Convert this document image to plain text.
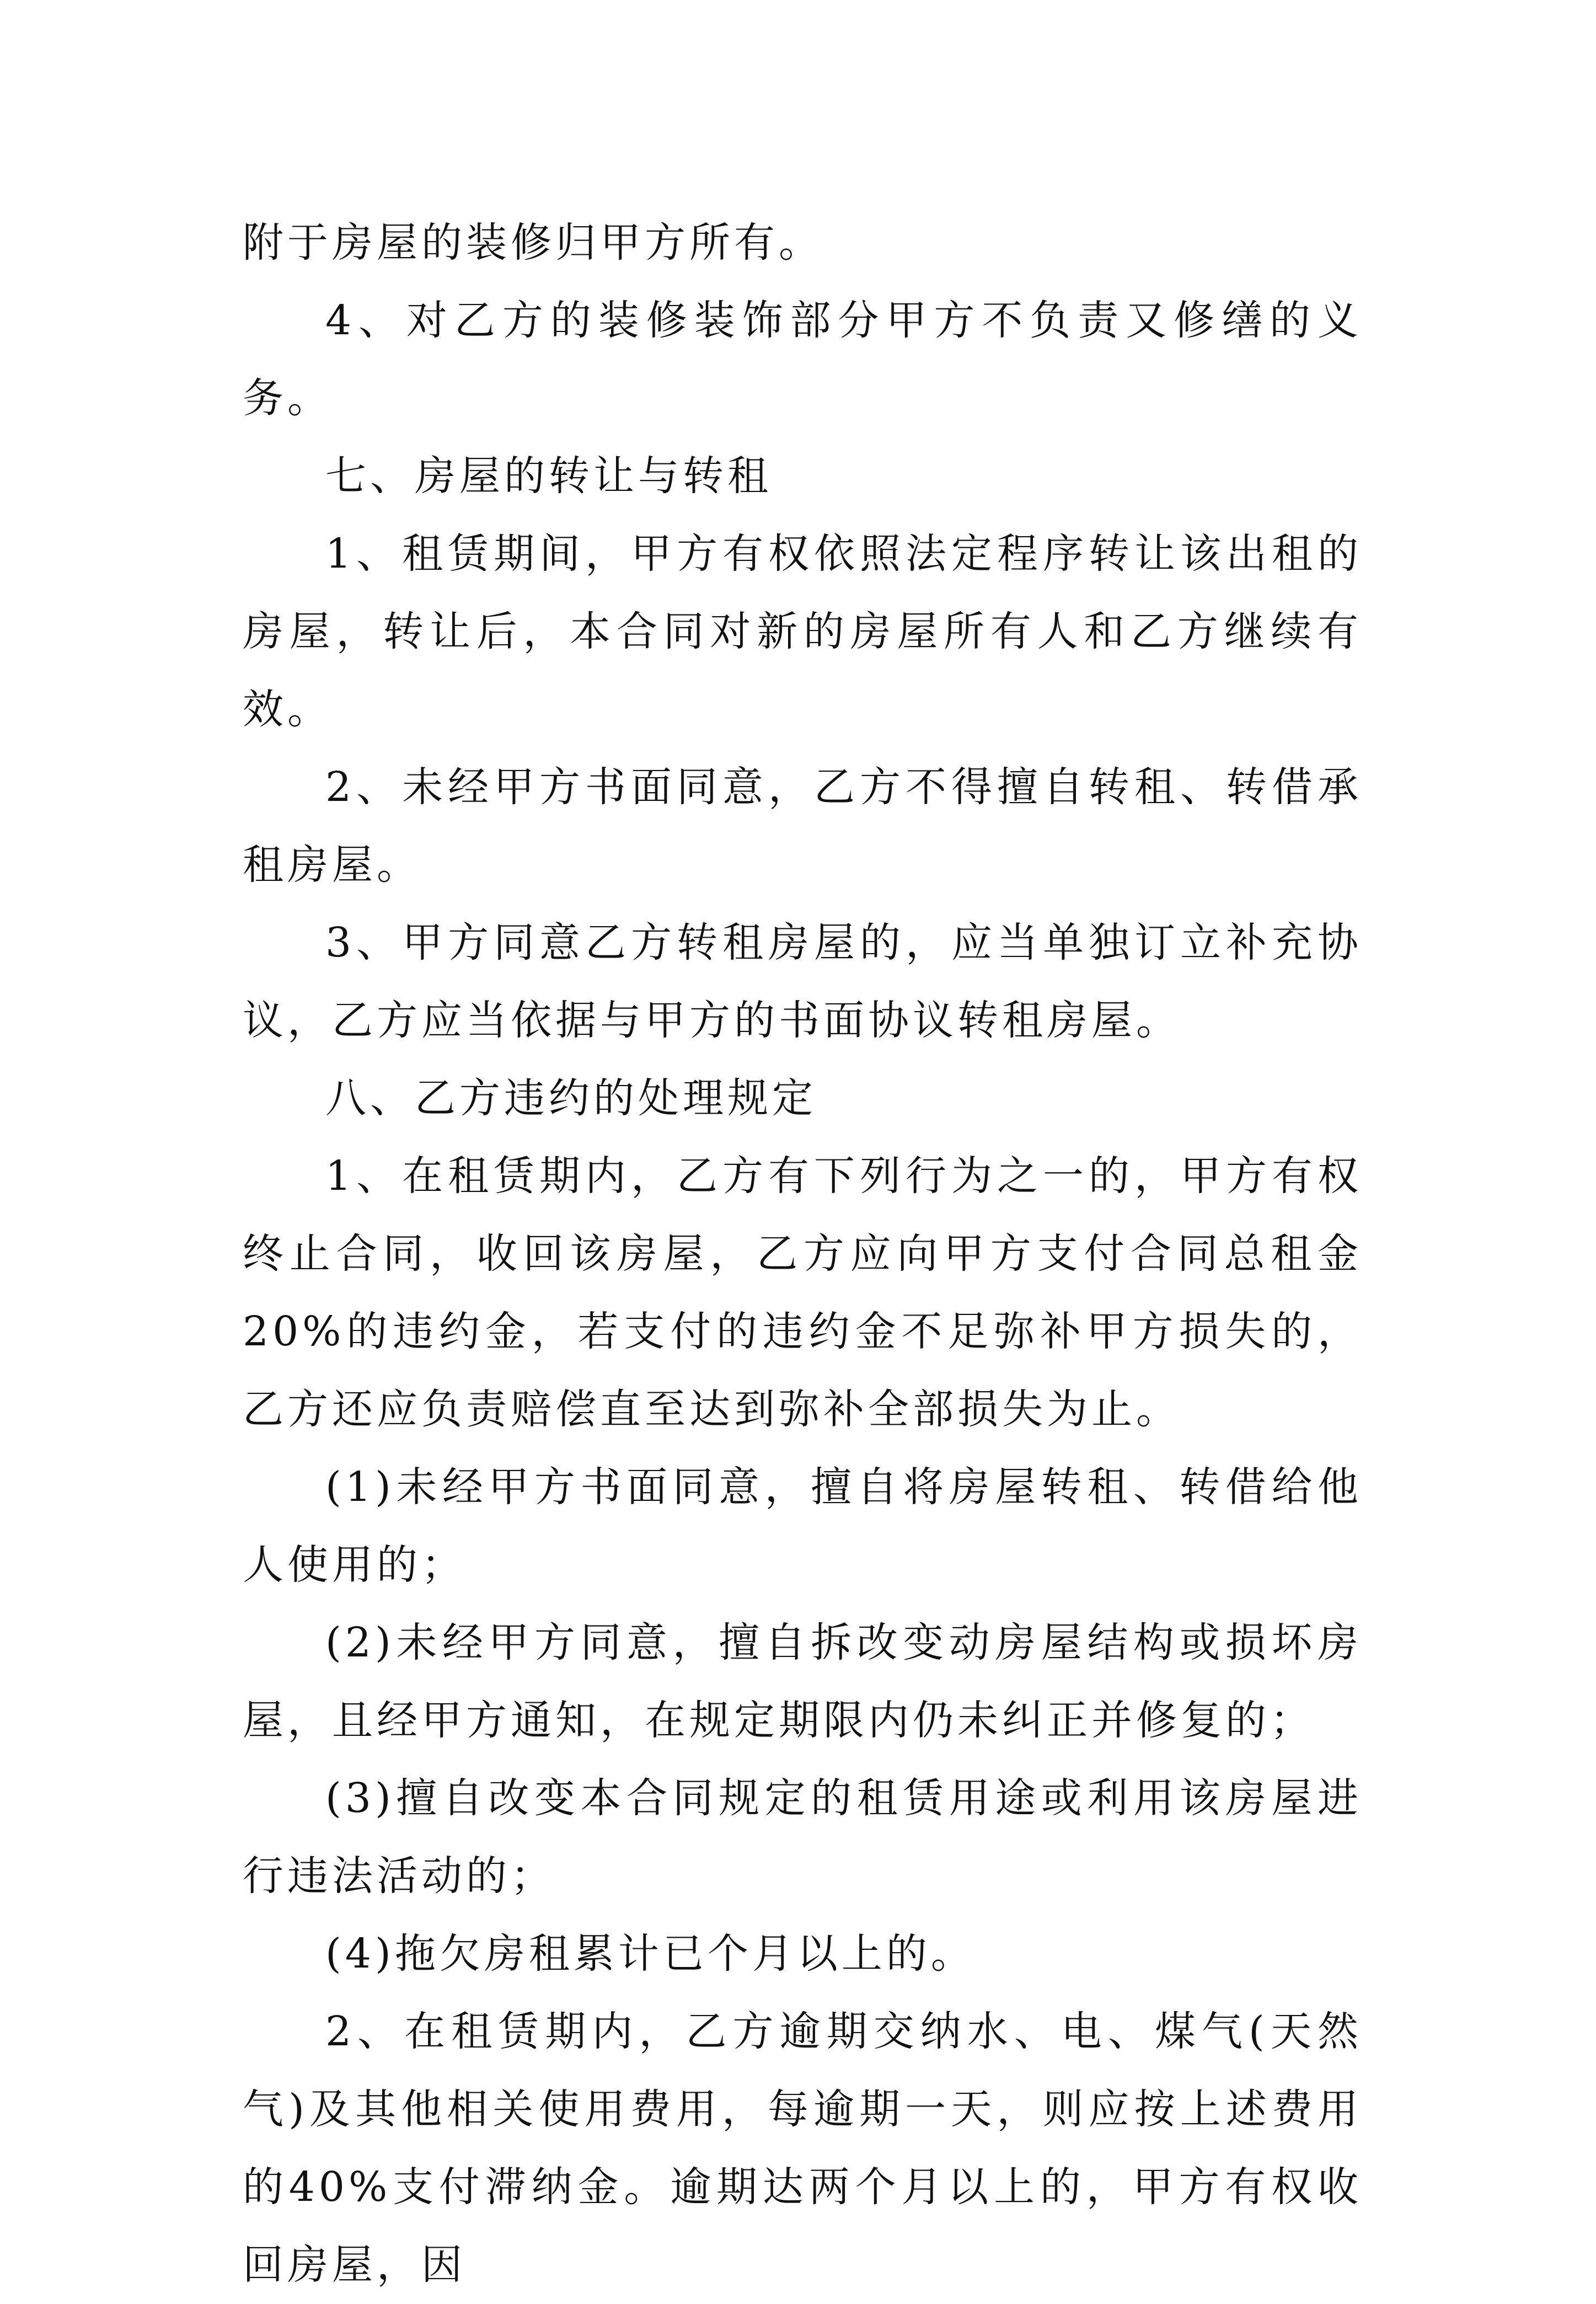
附于房屋的装修归甲方所有。

4、对乙方的装修装饰部分甲方不负责又修缮的义务。

七、房屋的转让与转租

1、租赁期间，甲方有权依照法定程序转让该出租的房屋，转让后，本合同对新的房屋所有人和乙方继续有效。

2、未经甲方书面同意，乙方不得擅自转租、转借承租房屋。

3、甲方同意乙方转租房屋的，应当单独订立补充协议，乙方应当依据与甲方的书面协议转租房屋。

八、乙方违约的处理规定

1、在租赁期内，乙方有下列行为之一的，甲方有权终止合同，收回该房屋，乙方应向甲方支付合同总租金20%的违约金，若支付的违约金不足弥补甲方损失的，乙方还应负责赔偿直至达到弥补全部损失为止。

(1)未经甲方书面同意，擅自将房屋转租、转借给他人使用的；

(2)未经甲方同意，擅自拆改变动房屋结构或损坏房屋，且经甲方通知，在规定期限内仍未纠正并修复的；

(3)擅自改变本合同规定的租赁用途或利用该房屋进行违法活动的；

(4)拖欠房租累计已个月以上的。

2、在租赁期内，乙方逾期交纳水、电、煤气(天然气)及其他相关使用费用，每逾期一天，则应按上述费用的40%支付滞纳金。逾期达两个月以上的，甲方有权收回房屋，因
